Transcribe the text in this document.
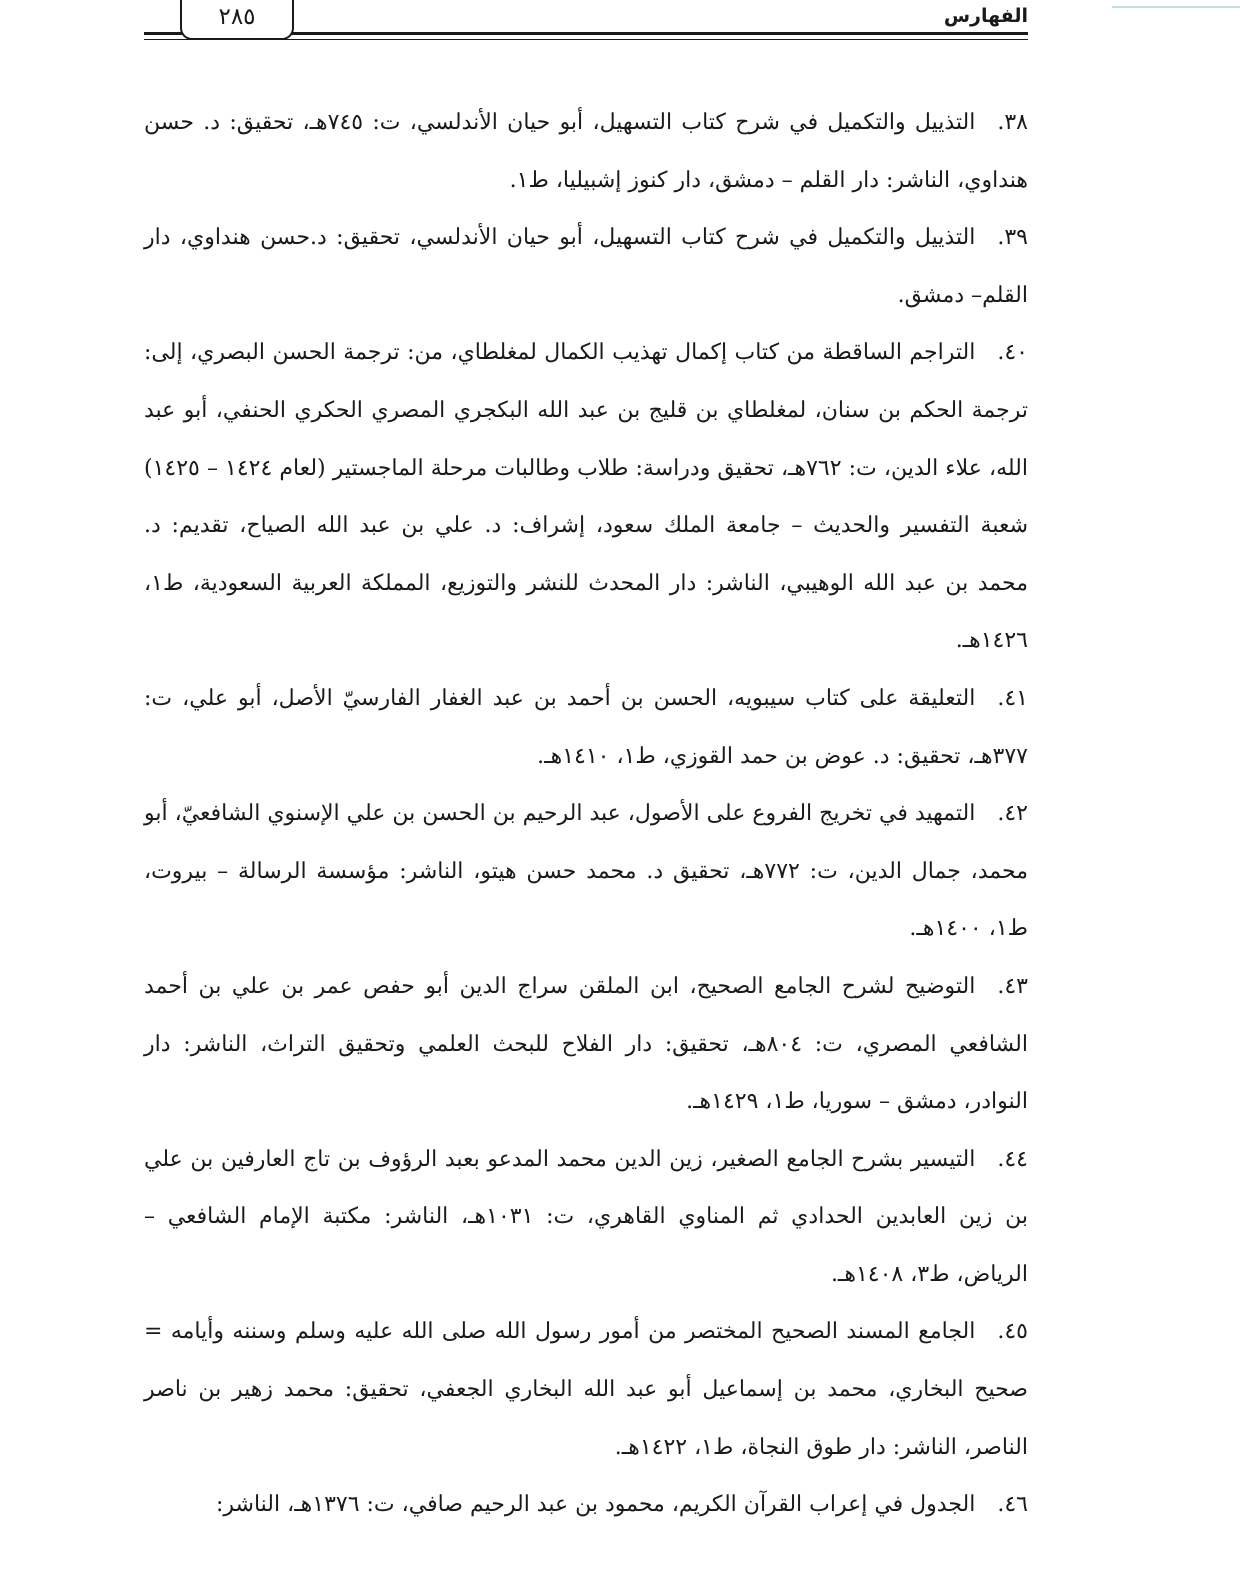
الفهارس
٢٨٥

٣٨.التذييل والتكميل في شرح كتاب التسهيل، أبو حيان الأندلسي، ت: ٧٤٥هـ، تحقيق: د. حسن هنداوي، الناشر: دار القلم – دمشق، دار كنوز إشبيليا، ط١.

٣٩.التذييل والتكميل في شرح كتاب التسهيل، أبو حيان الأندلسي، تحقيق: د.حسن هنداوي، دار القلم– دمشق.

٤٠.التراجم الساقطة من كتاب إكمال تهذيب الكمال لمغلطاي، من: ترجمة الحسن البصري، إلى: ترجمة الحكم بن سنان، لمغلطاي بن قليج بن عبد الله البكجري المصري الحكري الحنفي، أبو عبد الله، علاء الدين، ت: ٧٦٢هـ، تحقيق ودراسة: طلاب وطالبات مرحلة الماجستير (لعام ١٤٢٤ – ١٤٢٥) شعبة التفسير والحديث – جامعة الملك سعود، إشراف: د. علي بن عبد الله الصياح، تقديم: د. محمد بن عبد الله الوهيبي، الناشر: دار المحدث للنشر والتوزيع، المملكة العربية السعودية، ط١، ١٤٢٦هـ.

٤١.التعليقة على كتاب سيبويه، الحسن بن أحمد بن عبد الغفار الفارسيّ الأصل، أبو علي، ت: ٣٧٧هـ، تحقيق: د. عوض بن حمد القوزي، ط١، ١٤١٠هـ.

٤٢.التمهيد في تخريج الفروع على الأصول، عبد الرحيم بن الحسن بن علي الإسنوي الشافعيّ، أبو محمد، جمال الدين، ت: ٧٧٢هـ، تحقيق د. محمد حسن هيتو، الناشر: مؤسسة الرسالة – بيروت، ط١، ١٤٠٠هـ.

٤٣.التوضيح لشرح الجامع الصحيح، ابن الملقن سراج الدين أبو حفص عمر بن علي بن أحمد الشافعي المصري، ت: ٨٠٤هـ، تحقيق: دار الفلاح للبحث العلمي وتحقيق التراث، الناشر: دار النوادر، دمشق – سوريا، ط١، ١٤٢٩هـ.

٤٤.التيسير بشرح الجامع الصغير، زين الدين محمد المدعو بعبد الرؤوف بن تاج العارفين بن علي بن زين العابدين الحدادي ثم المناوي القاهري، ت: ١٠٣١هـ، الناشر: مكتبة الإمام الشافعي – الرياض، ط٣، ١٤٠٨هـ.

٤٥.الجامع المسند الصحيح المختصر من أمور رسول الله صلى الله عليه وسلم وسننه وأيامه = صحيح البخاري، محمد بن إسماعيل أبو عبد الله البخاري الجعفي، تحقيق: محمد زهير بن ناصر الناصر، الناشر: دار طوق النجاة، ط١، ١٤٢٢هـ.

٤٦.الجدول في إعراب القرآن الكريم، محمود بن عبد الرحيم صافي، ت: ١٣٧٦هـ، الناشر:
